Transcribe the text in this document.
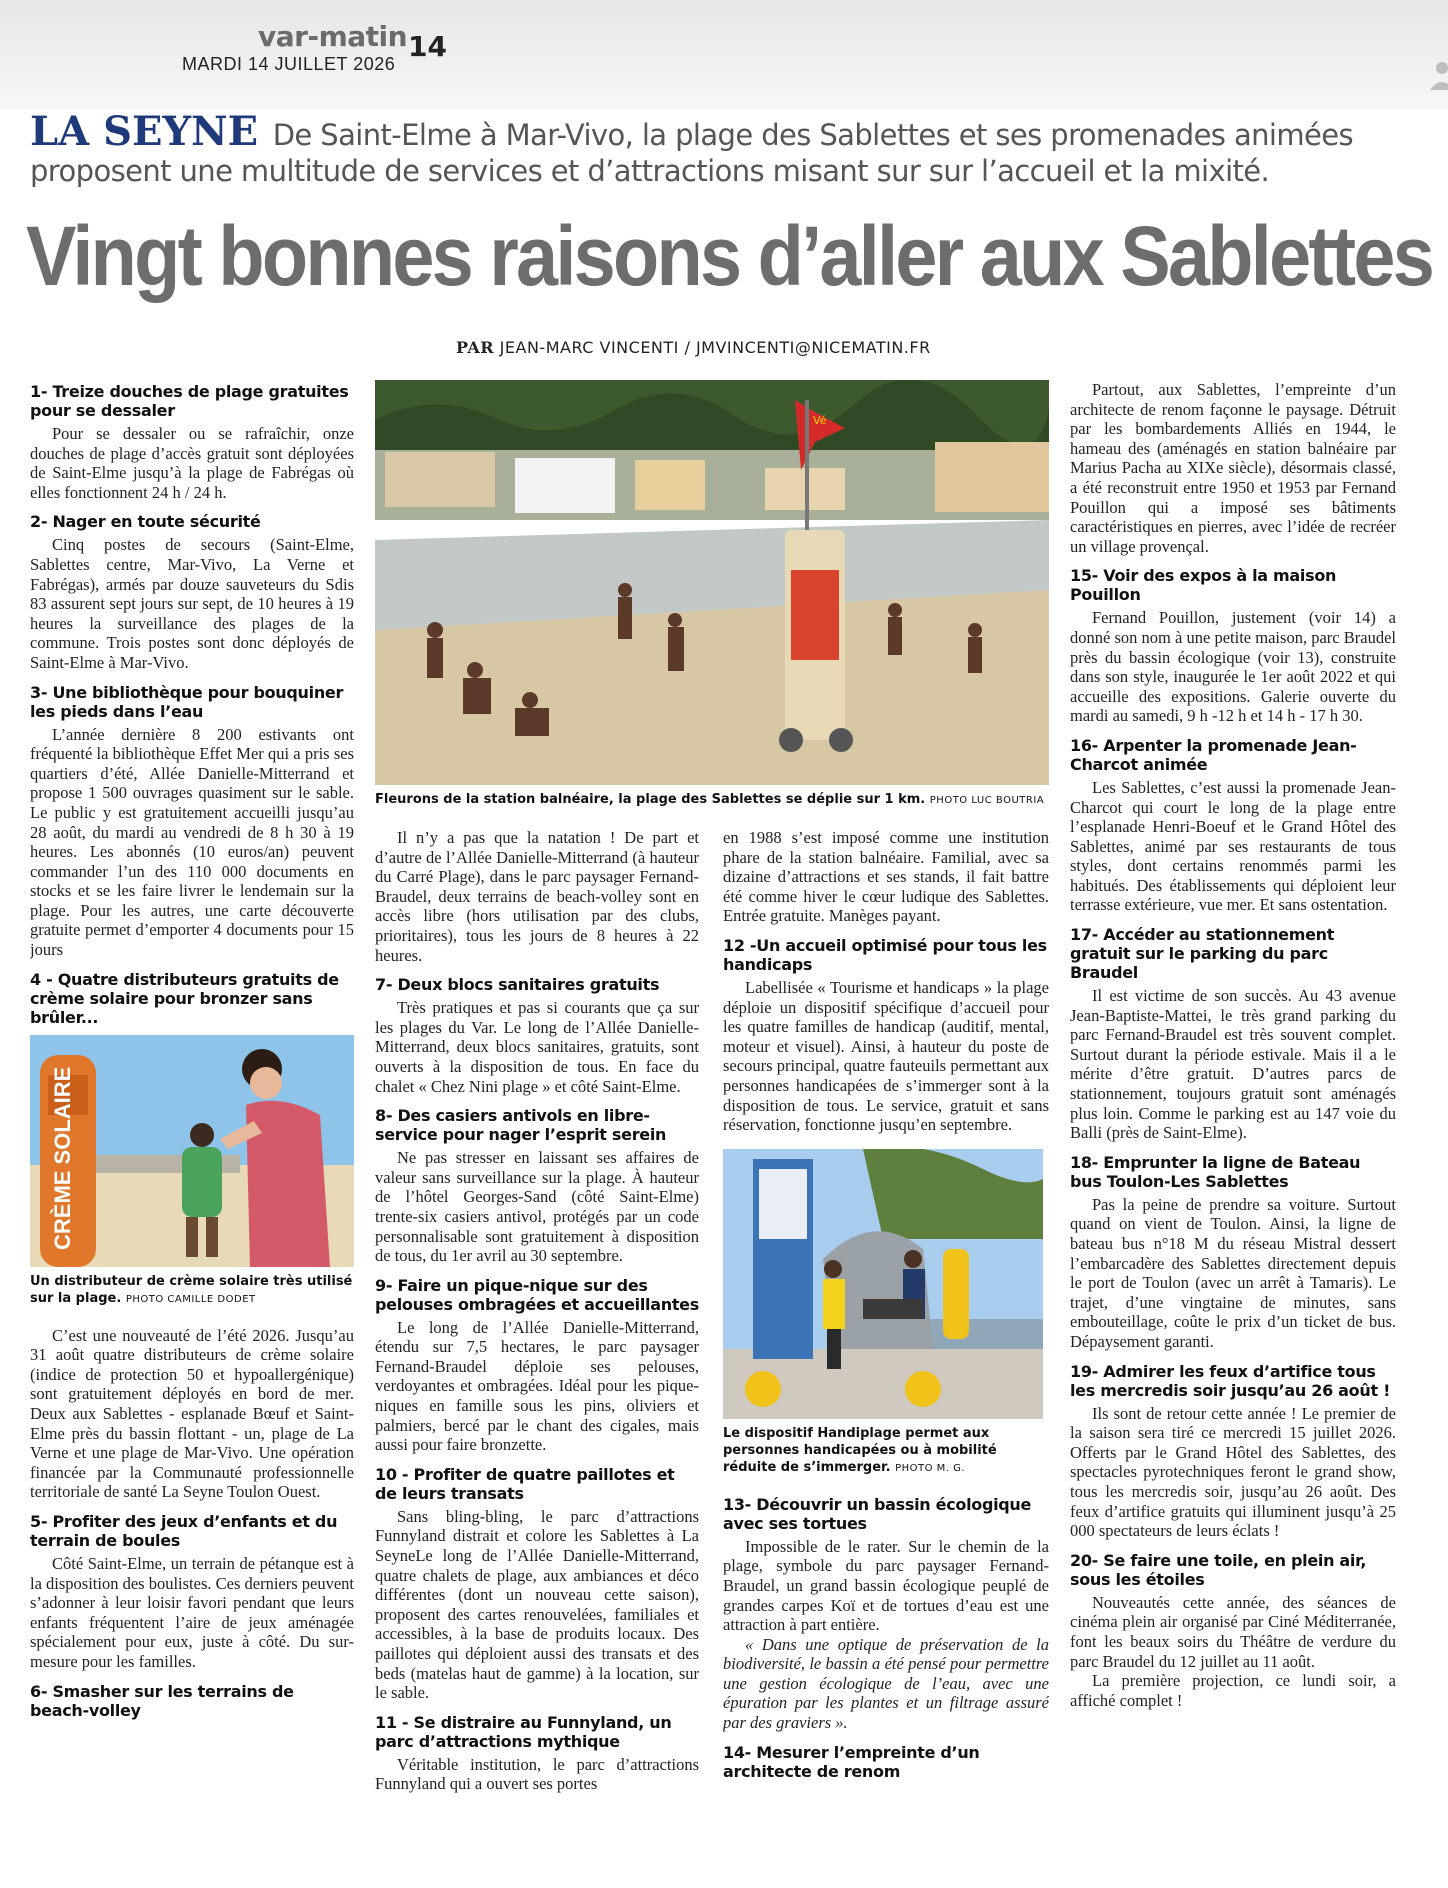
var-matin
MARDI 14 JUILLET 2026
14
LA SEYNE De Saint-Elme à Mar-Vivo, la plage des Sablettes et ses promenades animées proposent une multitude de services et d’attractions misant sur sur l’accueil et la mixité.
Vingt bonnes raisons d’aller aux Sablettes
PAR JEAN-MARC VINCENTI / JMVINCENTI@NICEMATIN.FR
1- Treize douches de plage gratuites pour se dessaler

Pour se dessaler ou se rafraîchir, onze douches de plage d’accès gratuit sont déployées de Saint-Elme jusqu’à la plage de Fabrégas où elles fonctionnent 24 h / 24 h.

2- Nager en toute sécurité

Cinq postes de secours (Saint-Elme, Sablettes centre, Mar-Vivo, La Verne et Fabrégas), armés par douze sauveteurs du Sdis 83 assurent sept jours sur sept, de 10 heures à 19 heures la surveillance des plages de la commune. Trois postes sont donc déployés de Saint-Elme à Mar-Vivo.

3- Une bibliothèque pour bouquiner les pieds dans l’eau

L’année dernière 8 200 estivants ont fréquenté la bibliothèque Effet Mer qui a pris ses quartiers d’été, Allée Danielle-Mitterrand et propose 1 500 ouvrages quasiment sur le sable. Le public y est gratuitement accueilli jusqu’au 28 août, du mardi au vendredi de 8 h 30 à 19 heures. Les abonnés (10 euros/an) peuvent commander l’un des 110 000 documents en stocks et se les faire livrer le lendemain sur la plage. Pour les autres, une carte découverte gratuite permet d’emporter 4 documents pour 15 jours

4 - Quatre distributeurs gratuits de crème solaire pour bronzer sans brûler...
CRÈME SOLAIRE
Un distributeur de crème solaire très utilisé sur la plage. PHOTO CAMILLE DODET

C’est une nouveauté de l’été 2026. Jusqu’au 31 août quatre distributeurs de crème solaire (indice de protection 50 et hypoallergénique) sont gratuitement déployés en bord de mer. Deux aux Sablettes - esplanade Bœuf et Saint-Elme près du bassin flottant - un, plage de La Verne et une plage de Mar-Vivo. Une opération financée par la Communauté professionnelle territoriale de santé La Seyne Toulon Ouest.

5- Profiter des jeux d’enfants et du terrain de boules

Côté Saint-Elme, un terrain de pétanque est à la disposition des boulistes. Ces derniers peuvent s’adonner à leur loisir favori pendant que leurs enfants fréquentent l’aire de jeux aménagée spécialement pour eux, juste à côté. Du sur-mesure pour les familles.

6- Smasher sur les terrains de beach-volley
Vé
Fleurons de la station balnéaire, la plage des Sablettes se déplie sur 1 km. PHOTO LUC BOUTRIA

Il n’y a pas que la natation ! De part et d’autre de l’Allée Danielle-Mitterrand (à hauteur du Carré Plage), dans le parc paysager Fernand-Braudel, deux terrains de beach-volley sont en accès libre (hors utilisation par des clubs, prioritaires), tous les jours de 8 heures à 22 heures.

7- Deux blocs sanitaires gratuits

Très pratiques et pas si courants que ça sur les plages du Var. Le long de l’Allée Danielle-Mitterrand, deux blocs sanitaires, gratuits, sont ouverts à la disposition de tous. En face du chalet « Chez Nini plage » et côté Saint-Elme.

8- Des casiers antivols en libre-service pour nager l’esprit serein

Ne pas stresser en laissant ses affaires de valeur sans surveillance sur la plage. À hauteur de l’hôtel Georges-Sand (côté Saint-Elme) trente-six casiers antivol, protégés par un code personnalisable sont gratuitement à disposition de tous, du 1er avril au 30 septembre.

9- Faire un pique-nique sur des pelouses ombragées et accueillantes

Le long de l’Allée Danielle-Mitterrand, étendu sur 7,5 hectares, le parc paysager Fernand-Braudel déploie ses pelouses, verdoyantes et ombragées. Idéal pour les pique-niques en famille sous les pins, oliviers et palmiers, bercé par le chant des cigales, mais aussi pour faire bronzette.

10 - Profiter de quatre paillotes et de leurs transats

Sans bling-bling, le parc d’attractions Funnyland distrait et colore les Sablettes à La SeyneLe long de l’Allée Danielle-Mitterrand, quatre chalets de plage, aux ambiances et déco différentes (dont un nouveau cette saison), proposent des cartes renouvelées, familiales et accessibles, à la base de produits locaux. Des paillotes qui déploient aussi des transats et des beds (matelas haut de gamme) à la location, sur le sable.

11 - Se distraire au Funnyland, un parc d’attractions mythique

Véritable institution, le parc d’attractions Funnyland qui a ouvert ses portes

en 1988 s’est imposé comme une institution phare de la station balnéaire. Familial, avec sa dizaine d’attractions et ses stands, il fait battre été comme hiver le cœur ludique des Sablettes. Entrée gratuite. Manèges payant.

12 -Un accueil optimisé pour tous les handicaps

Labellisée « Tourisme et handicaps » la plage déploie un dispositif spécifique d’accueil pour les quatre familles de handicap (auditif, mental, moteur et visuel). Ainsi, à hauteur du poste de secours principal, quatre fauteuils permettant aux personnes handicapées de s’immerger sont à la disposition de tous. Le service, gratuit et sans réservation, fonctionne jusqu’en septembre.

Le dispositif Handiplage permet aux personnes handicapées ou à mobilité réduite de s’immerger. PHOTO M. G.
13- Découvrir un bassin écologique avec ses tortues

Impossible de le rater. Sur le chemin de la plage, symbole du parc paysager Fernand-Braudel, un grand bassin écologique peuplé de grandes carpes Koï et de tortues d’eau est une attraction à part entière.

« Dans une optique de préservation de la biodiversité, le bassin a été pensé pour permettre une gestion écologique de l’eau, avec une épuration par les plantes et un filtrage assuré par des graviers ».

14- Mesurer l’empreinte d’un architecte de renom

Partout, aux Sablettes, l’empreinte d’un architecte de renom façonne le paysage. Détruit par les bombardements Alliés en 1944, le hameau des (aménagés en station balnéaire par Marius Pacha au XIXe siècle), désormais classé, a été reconstruit entre 1950 et 1953 par Fernand Pouillon qui a imposé ses bâtiments caractéristiques en pierres, avec l’idée de recréer un village provençal.

15- Voir des expos à la maison Pouillon

Fernand Pouillon, justement (voir 14) a donné son nom à une petite maison, parc Braudel près du bassin écologique (voir 13), construite dans son style, inaugurée le 1er août 2022 et qui accueille des expositions. Galerie ouverte du mardi au samedi, 9 h -12 h et 14 h - 17 h 30.

16- Arpenter la promenade Jean-Charcot animée

Les Sablettes, c’est aussi la promenade Jean-Charcot qui court le long de la plage entre l’esplanade Henri-Boeuf et le Grand Hôtel des Sablettes, animé par ses restaurants de tous styles, dont certains renommés parmi les habitués. Des établissements qui déploient leur terrasse extérieure, vue mer. Et sans ostentation.

17- Accéder au stationnement gratuit sur le parking du parc Braudel

Il est victime de son succès. Au 43 avenue Jean-Baptiste-Mattei, le très grand parking du parc Fernand-Braudel est très souvent complet. Surtout durant la période estivale. Mais il a le mérite d’être gratuit. D’autres parcs de stationnement, toujours gratuit sont aménagés plus loin. Comme le parking est au 147 voie du Balli (près de Saint-Elme).

18- Emprunter la ligne de Bateau bus Toulon-Les Sablettes

Pas la peine de prendre sa voiture. Surtout quand on vient de Toulon. Ainsi, la ligne de bateau bus n°18 M du réseau Mistral dessert l’embarcadère des Sablettes directement depuis le port de Toulon (avec un arrêt à Tamaris). Le trajet, d’une vingtaine de minutes, sans embouteillage, coûte le prix d’un ticket de bus. Dépaysement garanti.

19- Admirer les feux d’artifice tous les mercredis soir jusqu’au 26 août !

Ils sont de retour cette année ! Le premier de la saison sera tiré ce mercredi 15 juillet 2026. Offerts par le Grand Hôtel des Sablettes, des spectacles pyrotechniques feront le grand show, tous les mercredis soir, jusqu’au 26 août. Des feux d’artifice gratuits qui illuminent jusqu’à 25 000 spectateurs de leurs éclats !

20- Se faire une toile, en plein air, sous les étoiles

Nouveautés cette année, des séances de cinéma plein air organisé par Ciné Méditerranée, font les beaux soirs du Théâtre de verdure du parc Braudel du 12 juillet au 11 août.

La première projection, ce lundi soir, a affiché complet !
